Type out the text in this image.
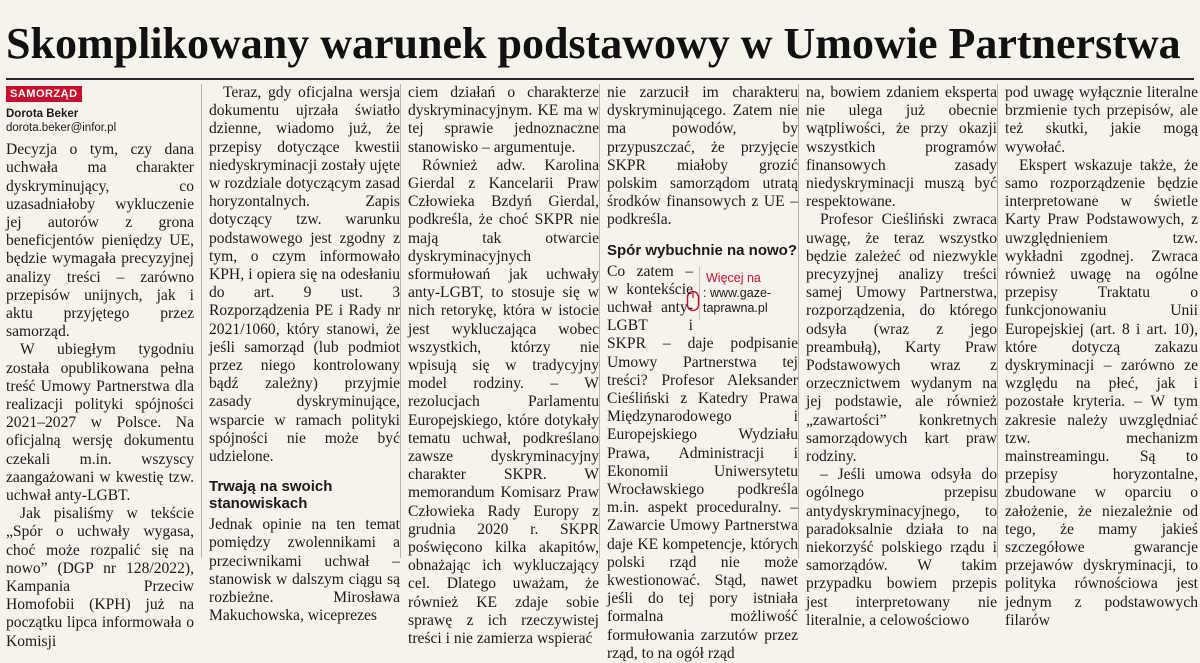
Skomplikowany warunek podstawowy w Umowie Partnerstwa
SAMORZĄD
Dorota Beker
dorota.beker@infor.pl

Decyzja o tym, czy dana uchwała ma charakter dyskryminujący, co uzasadniałoby wykluczenie jej autorów z grona beneficjentów pieniędzy UE, będzie wymagała precyzyjnej analizy treści – zarówno przepisów unijnych, jak i aktu przyjętego przez samorząd.

W ubiegłym tygodniu została opublikowana pełna treść Umowy Partnerstwa dla realizacji polityki spójności 2021–2027 w Polsce. Na oficjalną wersję dokumentu czekali m.in. wszyscy zaangażowani w kwestię tzw. uchwał anty-LGBT.

Jak pisaliśmy w tekście „Spór o uchwały wygasa, choć może rozpalić się na nowo” (DGP nr 128/2022), Kampania Przeciw Homofobii (KPH) już na początku lipca informowała o Komisji

Teraz, gdy oficjalna wersja dokumentu ujrzała światło dzienne, wiadomo już, że przepisy dotyczące kwestii niedyskryminacji zostały ujęte w rozdziale dotyczącym zasad horyzontalnych. Zapis dotyczący tzw. warunku podstawowego jest zgodny z tym, o czym informowało KPH, i opiera się na odesłaniu do art. 9 ust. 3 Rozporządzenia PE i Rady nr 2021/1060, który stanowi, że jeśli samorząd (lub podmiot przez niego kontrolowany bądź zależny) przyjmie zasady dyskryminujące, wsparcie w ramach polityki spójności nie może być udzielone.

Trwają na swoich stanowiskach

Jednak opinie na ten temat pomiędzy zwolennikami a przeciwnikami uchwał – stanowisk w dalszym ciągu są rozbieżne. Mirosława Makuchowska, wiceprezes

ciem działań o charakterze dyskryminacyjnym. KE ma w tej sprawie jednoznaczne stanowisko – argumentuje.

Również adw. Karolina Gierdal z Kancelarii Praw Człowieka Bzdyń Gierdal, podkreśla, że choć SKPR nie mają tak otwarcie dyskryminacyjnych sformułowań jak uchwały anty-LGBT, to stosuje się w nich retorykę, która w istocie jest wykluczająca wobec wszystkich, którzy nie wpisują się w tradycyjny model rodziny. – W rezolucjach Parlamentu Europejskiego, które dotykały tematu uchwał, podkreślano zawsze dyskryminacyjny charakter SKPR. W memorandum Komisarz Praw Człowieka Rady Europy z grudnia 2020 r. SKPR poświęcono kilka akapitów, obnażając ich wykluczający cel. Dlatego uważam, że również KE zdaje sobie sprawę z ich rzeczywistej treści i nie zamierza wspierać

nie zarzucił im charakteru dyskryminującego. Zatem nie ma powodów, by przypuszczać, że przyjęcie SKPR miałoby grozić polskim samorządom utratą środków finansowych z UE – podkreśla.

Spór wybuchnie na nowo?
Więcej na
: www.gaze-taprawna.pl

Co zatem – w kontekście uchwał anty-LGBT i SKPR – daje podpisanie Umowy Partnerstwa tej treści? Profesor Aleksander Cieśliński z Katedry Prawa Międzynarodowego i Europejskiego Wydziału Prawa, Administracji i Ekonomii Uniwersytetu Wrocławskiego podkreśla m.in. aspekt proceduralny. – Zawarcie Umowy Partnerstwa daje KE kompetencje, których polski rząd nie może kwestionować. Stąd, nawet jeśli do tej pory istniała formalna możliwość formułowania zarzutów przez rząd, to na ogół rząd

na, bowiem zdaniem eksperta nie ulega już obecnie wątpliwości, że przy okazji wszystkich programów finansowych zasady niedyskryminacji muszą być respektowane.

Profesor Cieśliński zwraca uwagę, że teraz wszystko będzie zależeć od niezwykle precyzyjnej analizy treści samej Umowy Partnerstwa, rozporządzenia, do którego odsyła (wraz z jego preambułą), Karty Praw Podstawowych wraz z orzecznictwem wydanym na jej podstawie, ale również „zawartości” konkretnych samorządowych kart praw rodziny.

– Jeśli umowa odsyła do ogólnego przepisu antydyskryminacyjnego, to paradoksalnie działa to na niekorzyść polskiego rządu i samorządów. W takim przypadku bowiem przepis jest interpretowany nie literalnie, a celowościowo

pod uwagę wyłącznie literalne brzmienie tych przepisów, ale też skutki, jakie mogą wywołać.

Ekspert wskazuje także, że samo rozporządzenie będzie interpretowane w świetle Karty Praw Podstawowych, z uwzględnieniem tzw. wykładni zgodnej. Zwraca również uwagę na ogólne przepisy Traktatu o funkcjonowaniu Unii Europejskiej (art. 8 i art. 10), które dotyczą zakazu dyskryminacji – zarówno ze względu na płeć, jak i pozostałe kryteria. – W tym zakresie należy uwzględniać tzw. mechanizm mainstreamingu. Są to przepisy horyzontalne, zbudowane w oparciu o założenie, że niezależnie od tego, że mamy jakieś szczegółowe gwarancje przejawów dyskryminacji, to polityka równościowa jest jednym z podstawowych filarów
